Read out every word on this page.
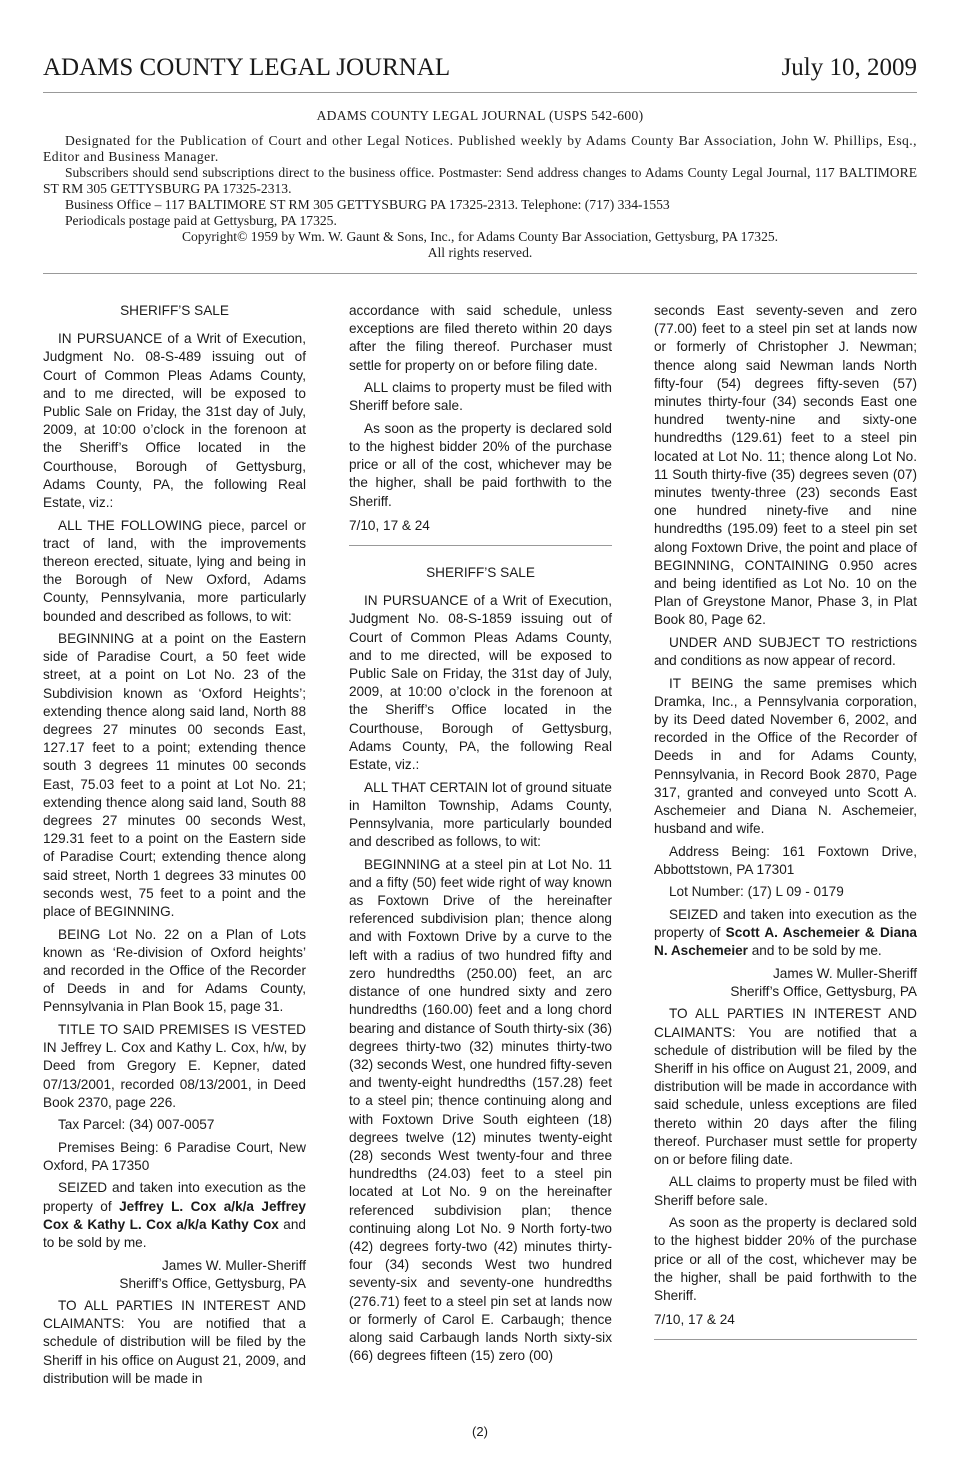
ADAMS COUNTY LEGAL JOURNAL	July 10, 2009
ADAMS COUNTY LEGAL JOURNAL (USPS 542-600)

Designated for the Publication of Court and other Legal Notices. Published weekly by Adams County Bar Association, John W. Phillips, Esq., Editor and Business Manager.

Subscribers should send subscriptions direct to the business office. Postmaster: Send address changes to Adams County Legal Journal, 117 BALTIMORE ST RM 305 GETTYSBURG PA 17325-2313.

Business Office – 117 BALTIMORE ST RM 305 GETTYSBURG PA 17325-2313. Telephone: (717) 334-1553
Periodicals postage paid at Gettysburg, PA 17325.
Copyright© 1959 by Wm. W. Gaunt & Sons, Inc., for Adams County Bar Association, Gettysburg, PA 17325.
All rights reserved.

SHERIFF’S SALE

IN PURSUANCE of a Writ of Execution, Judgment No. 08-S-489 issuing out of Court of Common Pleas Adams County, and to me directed, will be exposed to Public Sale on Friday, the 31st day of July, 2009, at 10:00 o’clock in the forenoon at the Sheriff’s Office located in the Courthouse, Borough of Gettysburg, Adams County, PA, the following Real Estate, viz.:

ALL THE FOLLOWING piece, parcel or tract of land, with the improvements thereon erected, situate, lying and being in the Borough of New Oxford, Adams County, Pennsylvania, more particularly bounded and described as follows, to wit:

BEGINNING at a point on the Eastern side of Paradise Court, a 50 feet wide street, at a point on Lot No. 23 of the Subdivision known as ‘Oxford Heights’; extending thence along said land, North 88 degrees 27 minutes 00 seconds East, 127.17 feet to a point; extending thence south 3 degrees 11 minutes 00 seconds East, 75.03 feet to a point at Lot No. 21; extending thence along said land, South 88 degrees 27 minutes 00 seconds West, 129.31 feet to a point on the Eastern side of Paradise Court; extending thence along said street, North 1 degrees 33 minutes 00 seconds west, 75 feet to a point and the place of BEGINNING.

BEING Lot No. 22 on a Plan of Lots known as ‘Re-division of Oxford heights’ and recorded in the Office of the Recorder of Deeds in and for Adams County, Pennsylvania in Plan Book 15, page 31.

TITLE TO SAID PREMISES IS VESTED IN Jeffrey L. Cox and Kathy L. Cox, h/w, by Deed from Gregory E. Kepner, dated 07/13/2001, recorded 08/13/2001, in Deed Book 2370, page 226.

Tax Parcel: (34) 007-0057

Premises Being: 6 Paradise Court, New Oxford, PA 17350

SEIZED and taken into execution as the property of Jeffrey L. Cox a/k/a Jeffrey Cox & Kathy L. Cox a/k/a Kathy Cox and to be sold by me.

James W. Muller-Sheriff

Sheriff’s Office, Gettysburg, PA

TO ALL PARTIES IN INTEREST AND CLAIMANTS: You are notified that a schedule of distribution will be filed by the Sheriff in his office on August 21, 2009, and distribution will be made in

accordance with said schedule, unless exceptions are filed thereto within 20 days after the filing thereof. Purchaser must settle for property on or before filing date.

ALL claims to property must be filed with Sheriff before sale.

As soon as the property is declared sold to the highest bidder 20% of the purchase price or all of the cost, whichever may be the higher, shall be paid forthwith to the Sheriff.

7/10, 17 & 24

SHERIFF’S SALE

IN PURSUANCE of a Writ of Execution, Judgment No. 08-S-1859 issuing out of Court of Common Pleas Adams County, and to me directed, will be exposed to Public Sale on Friday, the 31st day of July, 2009, at 10:00 o’clock in the forenoon at the Sheriff’s Office located in the Courthouse, Borough of Gettysburg, Adams County, PA, the following Real Estate, viz.:

ALL THAT CERTAIN lot of ground situate in Hamilton Township, Adams County, Pennsylvania, more particularly bounded and described as follows, to wit:

BEGINNING at a steel pin at Lot No. 11 and a fifty (50) feet wide right of way known as Foxtown Drive of the hereinafter referenced subdivision plan; thence along and with Foxtown Drive by a curve to the left with a radius of two hundred fifty and zero hundredths (250.00) feet, an arc distance of one hundred sixty and zero hundredths (160.00) feet and a long chord bearing and distance of South thirty-six (36) degrees thirty-two (32) minutes thirty-two (32) seconds West, one hundred fifty-seven and twenty-eight hundredths (157.28) feet to a steel pin; thence continuing along and with Foxtown Drive South eighteen (18) degrees twelve (12) minutes twenty-eight (28) seconds West twenty-four and three hundredths (24.03) feet to a steel pin located at Lot No. 9 on the hereinafter referenced subdivision plan; thence continuing along Lot No. 9 North forty-two (42) degrees forty-two (42) minutes thirty-four (34) seconds West two hundred seventy-six and seventy-one hundredths (276.71) feet to a steel pin set at lands now or formerly of Carol E. Carbaugh; thence along said Carbaugh lands North sixty-six (66) degrees fifteen (15) zero (00)

seconds East seventy-seven and zero (77.00) feet to a steel pin set at lands now or formerly of Christopher J. Newman; thence along said Newman lands North fifty-four (54) degrees fifty-seven (57) minutes thirty-four (34) seconds East one hundred twenty-nine and sixty-one hundredths (129.61) feet to a steel pin located at Lot No. 11; thence along Lot No. 11 South thirty-five (35) degrees seven (07) minutes twenty-three (23) seconds East one hundred ninety-five and nine hundredths (195.09) feet to a steel pin set along Foxtown Drive, the point and place of BEGINNING, CONTAINING 0.950 acres and being identified as Lot No. 10 on the Plan of Greystone Manor, Phase 3, in Plat Book 80, Page 62.

UNDER AND SUBJECT TO restrictions and conditions as now appear of record.

IT BEING the same premises which Dramka, Inc., a Pennsylvania corporation, by its Deed dated November 6, 2002, and recorded in the Office of the Recorder of Deeds in and for Adams County, Pennsylvania, in Record Book 2870, Page 317, granted and conveyed unto Scott A. Aschemeier and Diana N. Aschemeier, husband and wife.

Address Being: 161 Foxtown Drive, Abbottstown, PA 17301

Lot Number: (17) L 09 - 0179

SEIZED and taken into execution as the property of Scott A. Aschemeier & Diana N. Aschemeier and to be sold by me.

James W. Muller-Sheriff

Sheriff’s Office, Gettysburg, PA

TO ALL PARTIES IN INTEREST AND CLAIMANTS: You are notified that a schedule of distribution will be filed by the Sheriff in his office on August 21, 2009, and distribution will be made in accordance with said schedule, unless exceptions are filed thereto within 20 days after the filing thereof. Purchaser must settle for property on or before filing date.

ALL claims to property must be filed with Sheriff before sale.

As soon as the property is declared sold to the highest bidder 20% of the purchase price or all of the cost, whichever may be the higher, shall be paid forthwith to the Sheriff.

7/10, 17 & 24

(2)
